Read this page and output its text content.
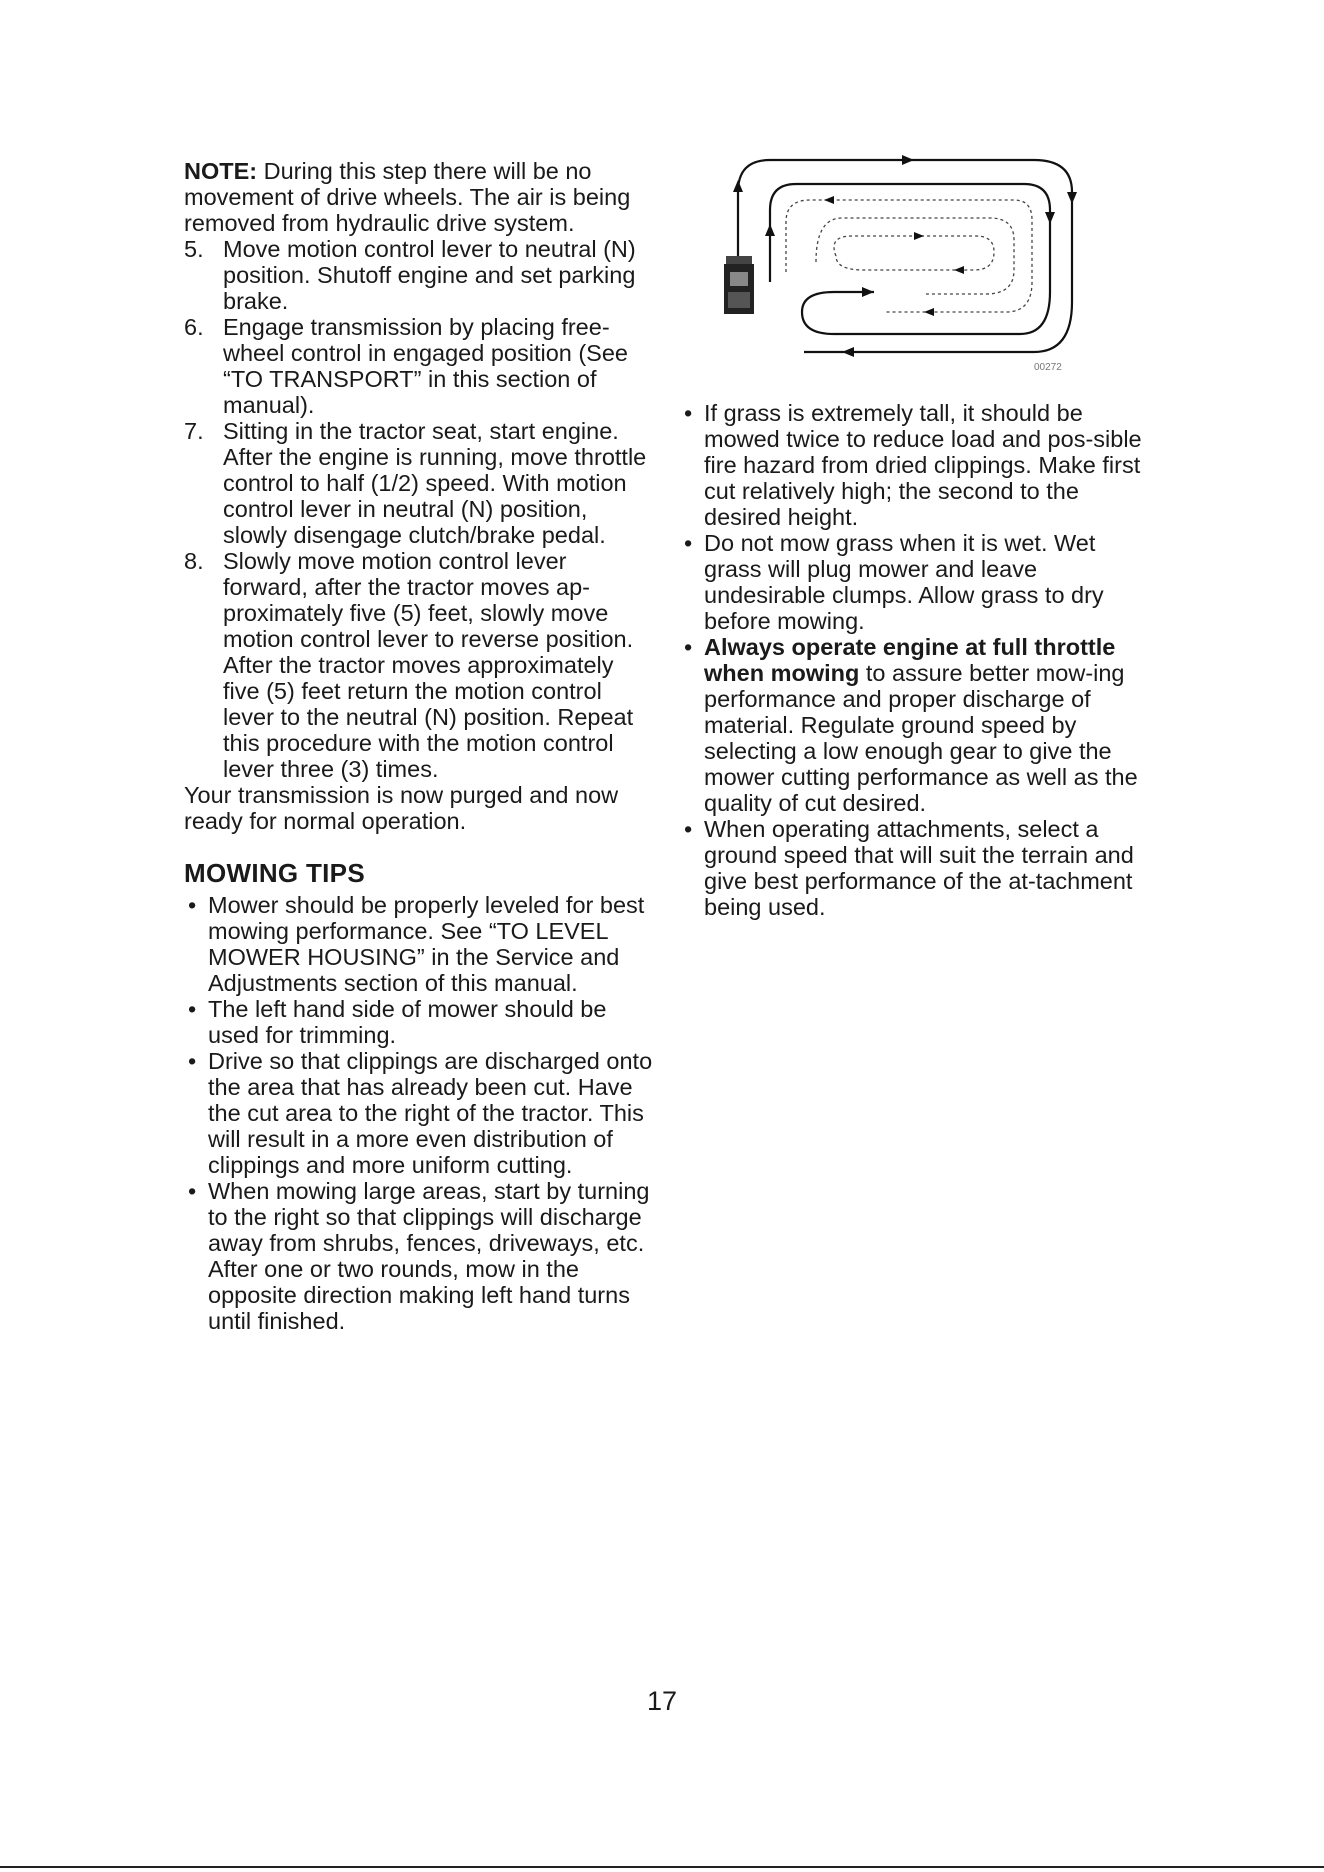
NOTE: During this step there will be no movement of drive wheels. The air is being removed from hydraulic drive system.

5. Move motion control lever to neutral (N) position. Shutoff engine and set parking brake.
6. Engage transmission by placing free-wheel control in engaged position (See “TO TRANSPORT” in this section of manual).
7. Sitting in the tractor seat, start engine. After the engine is running, move throttle control to half (1/2) speed. With motion control lever in neutral (N) position, slowly disengage clutch/brake pedal.
8. Slowly move motion control lever forward, after the tractor moves ap-proximately five (5) feet, slowly move motion control lever to reverse position. After the tractor moves approximately five (5) feet return the motion control lever to the neutral (N) position. Repeat this procedure with the motion control lever three (3) times.

Your transmission is now purged and now ready for normal operation.

MOWING TIPS
• Mower should be properly leveled for best mowing performance. See “TO LEVEL MOWER HOUSING” in the Service and Adjustments section of this manual.
• The left hand side of mower should be used for trimming.
• Drive so that clippings are discharged onto the area that has already been cut. Have the cut area to the right of the tractor. This will result in a more even distribution of clippings and more uniform cutting.
• When mowing large areas, start by turning to the right so that clippings will discharge away from shrubs, fences, driveways, etc. After one or two rounds, mow in the opposite direction making left hand turns until finished.
00272
• If grass is extremely tall, it should be mowed twice to reduce load and pos-sible fire hazard from dried clippings. Make first cut relatively high; the second to the desired height.
• Do not mow grass when it is wet. Wet grass will plug mower and leave undesirable clumps. Allow grass to dry before mowing.
• Always operate engine at full throttle when mowing to assure better mow-ing performance and proper discharge of material. Regulate ground speed by selecting a low enough gear to give the mower cutting performance as well as the quality of cut desired.
• When operating attachments, select a ground speed that will suit the terrain and give best performance of the at-tachment being used.
17
